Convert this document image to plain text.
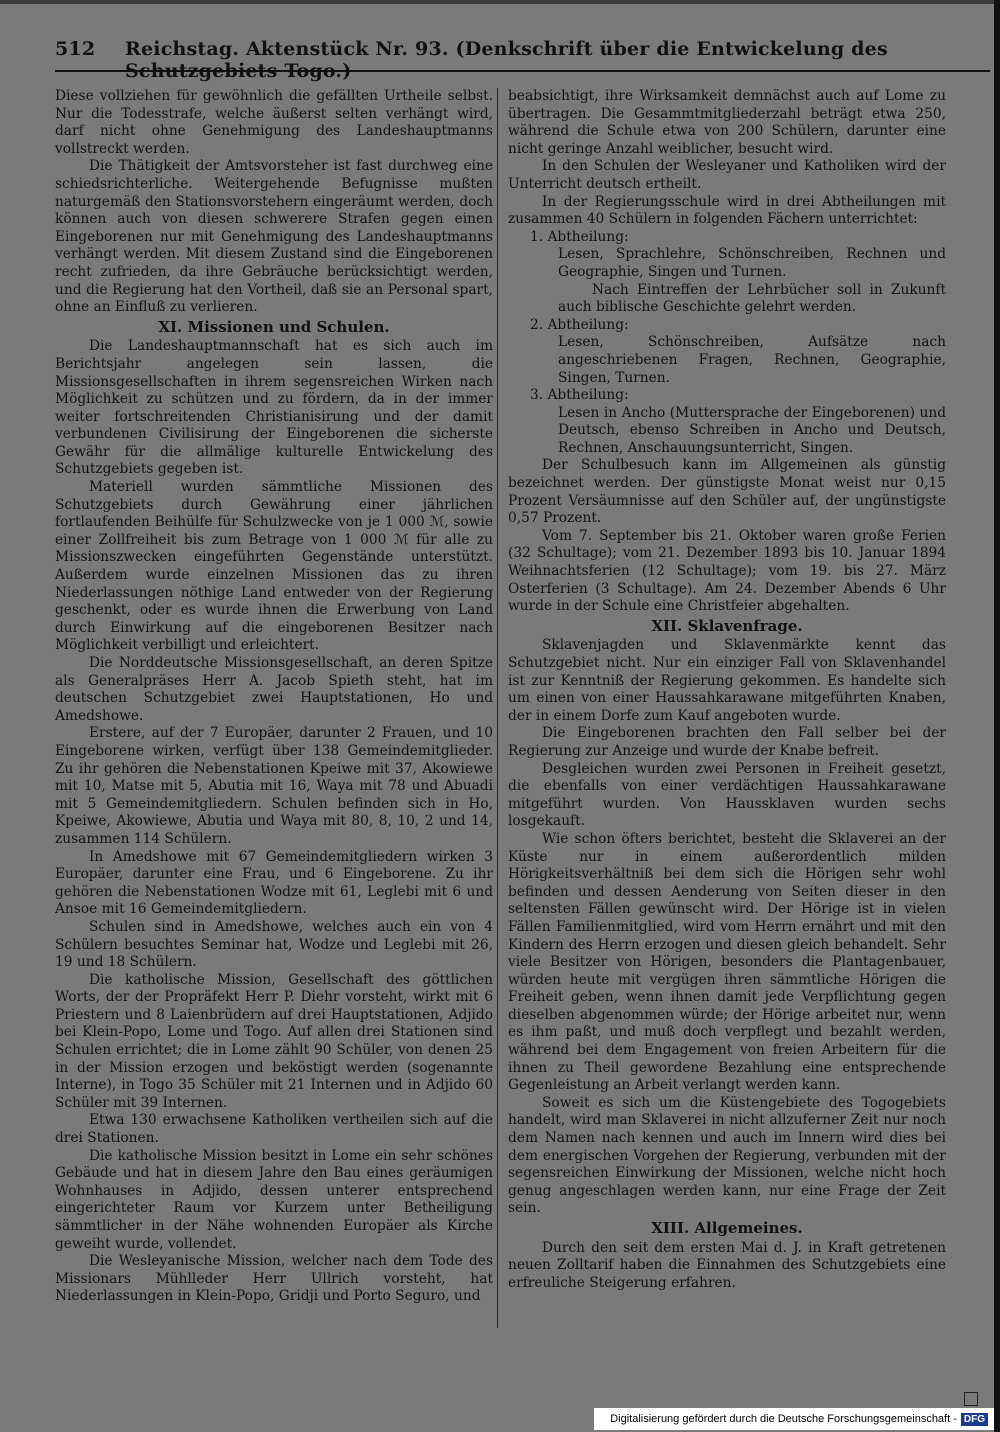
512	Reichstag. Aktenstück Nr. 93. (Denkschrift über die Entwickelung des Schutzgebiets Togo.)

Diese vollziehen für gewöhnlich die gefällten Urtheile selbst. Nur die Todesstrafe, welche äußerst selten verhängt wird, darf nicht ohne Genehmigung des Landeshauptmanns vollstreckt werden.

Die Thätigkeit der Amtsvorsteher ist fast durchweg eine schiedsrichterliche. Weitergehende Befugnisse mußten naturgemäß den Stationsvorstehern eingeräumt werden, doch können auch von diesen schwerere Strafen gegen einen Eingeborenen nur mit Genehmigung des Landeshauptmanns verhängt werden. Mit diesem Zustand sind die Eingeborenen recht zufrieden, da ihre Gebräuche berücksichtigt werden, und die Regierung hat den Vortheil, daß sie an Personal spart, ohne an Einfluß zu verlieren.

XI. Missionen und Schulen.

Die Landeshauptmannschaft hat es sich auch im Berichtsjahr angelegen sein lassen, die Missionsgesellschaften in ihrem segensreichen Wirken nach Möglichkeit zu schützen und zu fördern, da in der immer weiter fortschreitenden Christianisirung und der damit verbundenen Civilisirung der Eingeborenen die sicherste Gewähr für die allmälige kulturelle Entwickelung des Schutzgebiets gegeben ist.

Materiell wurden sämmtliche Missionen des Schutzgebiets durch Gewährung einer jährlichen fortlaufenden Beihülfe für Schulzwecke von je 1 000 ℳ, sowie einer Zollfreiheit bis zum Betrage von 1 000 ℳ für alle zu Missionszwecken eingeführten Gegenstände unterstützt. Außerdem wurde einzelnen Missionen das zu ihren Niederlassungen nöthige Land entweder von der Regierung geschenkt, oder es wurde ihnen die Erwerbung von Land durch Einwirkung auf die eingeborenen Besitzer nach Möglichkeit verbilligt und erleichtert.

Die Norddeutsche Missionsgesellschaft, an deren Spitze als Generalpräses Herr A. Jacob Spieth steht, hat im deutschen Schutzgebiet zwei Hauptstationen, Ho und Amedshowe.

Erstere, auf der 7 Europäer, darunter 2 Frauen, und 10 Eingeborene wirken, verfügt über 138 Gemeindemitglieder. Zu ihr gehören die Nebenstationen Kpeiwe mit 37, Akowiewe mit 10, Matse mit 5, Abutia mit 16, Waya mit 78 und Abuadi mit 5 Gemeindemitgliedern. Schulen befinden sich in Ho, Kpeiwe, Akowiewe, Abutia und Waya mit 80, 8, 10, 2 und 14, zusammen 114 Schülern.

In Amedshowe mit 67 Gemeindemitgliedern wirken 3 Europäer, darunter eine Frau, und 6 Eingeborene. Zu ihr gehören die Nebenstationen Wodze mit 61, Leglebi mit 6 und Ansoe mit 16 Gemeindemitgliedern.

Schulen sind in Amedshowe, welches auch ein von 4 Schülern besuchtes Seminar hat, Wodze und Leglebi mit 26, 19 und 18 Schülern.

Die katholische Mission, Gesellschaft des göttlichen Worts, der der Propräfekt Herr P. Diehr vorsteht, wirkt mit 6 Priestern und 8 Laienbrüdern auf drei Hauptstationen, Adjido bei Klein-Popo, Lome und Togo. Auf allen drei Stationen sind Schulen errichtet; die in Lome zählt 90 Schüler, von denen 25 in der Mission erzogen und beköstigt werden (sogenannte Interne), in Togo 35 Schüler mit 21 Internen und in Adjido 60 Schüler mit 39 Internen.

Etwa 130 erwachsene Katholiken vertheilen sich auf die drei Stationen.

Die katholische Mission besitzt in Lome ein sehr schönes Gebäude und hat in diesem Jahre den Bau eines geräumigen Wohnhauses in Adjido, dessen unterer entsprechend eingerichteter Raum vor Kurzem unter Betheiligung sämmtlicher in der Nähe wohnenden Europäer als Kirche geweiht wurde, vollendet.

Die Wesleyanische Mission, welcher nach dem Tode des Missionars Mühlleder Herr Ullrich vorsteht, hat Niederlassungen in Klein-Popo, Gridji und Porto Seguro, und

beabsichtigt, ihre Wirksamkeit demnächst auch auf Lome zu übertragen. Die Gesammtmitgliederzahl beträgt etwa 250, während die Schule etwa von 200 Schülern, darunter eine nicht geringe Anzahl weiblicher, besucht wird.

In den Schulen der Wesleyaner und Katholiken wird der Unterricht deutsch ertheilt.

In der Regierungsschule wird in drei Abtheilungen mit zusammen 40 Schülern in folgenden Fächern unterrichtet:

1. Abtheilung:

Lesen, Sprachlehre, Schönschreiben, Rechnen und Geographie, Singen und Turnen.

Nach Eintreffen der Lehrbücher soll in Zukunft auch biblische Geschichte gelehrt werden.

2. Abtheilung:

Lesen, Schönschreiben, Aufsätze nach angeschriebenen Fragen, Rechnen, Geographie, Singen, Turnen.

3. Abtheilung:

Lesen in Ancho (Muttersprache der Eingeborenen) und Deutsch, ebenso Schreiben in Ancho und Deutsch, Rechnen, Anschauungsunterricht, Singen.

Der Schulbesuch kann im Allgemeinen als günstig bezeichnet werden. Der günstigste Monat weist nur 0,15 Prozent Versäumnisse auf den Schüler auf, der ungünstigste 0,57 Prozent.

Vom 7. September bis 21. Oktober waren große Ferien (32 Schultage); vom 21. Dezember 1893 bis 10. Januar 1894 Weihnachtsferien (12 Schultage); vom 19. bis 27. März Osterferien (3 Schultage). Am 24. Dezember Abends 6 Uhr wurde in der Schule eine Christfeier abgehalten.

XII. Sklavenfrage.

Sklavenjagden und Sklavenmärkte kennt das Schutzgebiet nicht. Nur ein einziger Fall von Sklavenhandel ist zur Kenntniß der Regierung gekommen. Es handelte sich um einen von einer Haussahkarawane mitgeführten Knaben, der in einem Dorfe zum Kauf angeboten wurde.

Die Eingeborenen brachten den Fall selber bei der Regierung zur Anzeige und wurde der Knabe befreit.

Desgleichen wurden zwei Personen in Freiheit gesetzt, die ebenfalls von einer verdächtigen Haussahkarawane mitgeführt wurden. Von Haussklaven wurden sechs losgekauft.

Wie schon öfters berichtet, besteht die Sklaverei an der Küste nur in einem außerordentlich milden Hörigkeitsverhältniß bei dem sich die Hörigen sehr wohl befinden und dessen Aenderung von Seiten dieser in den seltensten Fällen gewünscht wird. Der Hörige ist in vielen Fällen Familienmitglied, wird vom Herrn ernährt und mit den Kindern des Herrn erzogen und diesen gleich behandelt. Sehr viele Besitzer von Hörigen, besonders die Plantagenbauer, würden heute mit vergügen ihren sämmtliche Hörigen die Freiheit geben, wenn ihnen damit jede Verpflichtung gegen dieselben abgenommen würde; der Hörige arbeitet nur, wenn es ihm paßt, und muß doch verpflegt und bezahlt werden, während bei dem Engagement von freien Arbeitern für die ihnen zu Theil gewordene Bezahlung eine entsprechende Gegenleistung an Arbeit verlangt werden kann.

Soweit es sich um die Küstengebiete des Togogebiets handelt, wird man Sklaverei in nicht allzuferner Zeit nur noch dem Namen nach kennen und auch im Innern wird dies bei dem energischen Vorgehen der Regierung, verbunden mit der segensreichen Einwirkung der Missionen, welche nicht hoch genug angeschlagen werden kann, nur eine Frage der Zeit sein.

XIII. Allgemeines.

Durch den seit dem ersten Mai d. J. in Kraft getretenen neuen Zolltarif haben die Einnahmen des Schutzgebiets eine erfreuliche Steigerung erfahren.

Digitalisierung gefördert durch die Deutsche Forschungsgemeinschaft - DFG
